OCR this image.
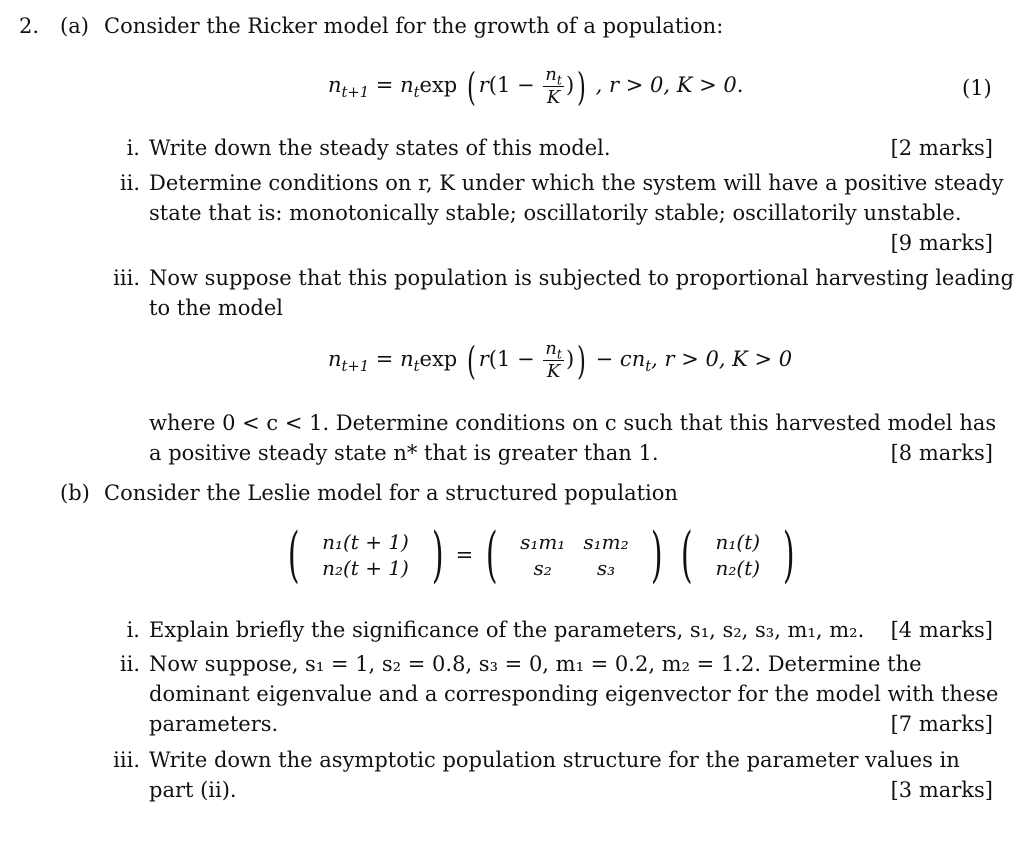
2. (a) Consider the Ricker model for the growth of a population:
$n_{t+1} = n_t\exp$ ( $r(1 - \frac{n_t}{K}$ )) , r > 0, K > 0.	(1)
i. Write down the steady states of this model.	[2 marks]
ii. Determine conditions on r, K under which the system will have a positive steady
state that is: monotonically stable; oscillatorily stable; oscillatorily unstable.
[9 marks]
iii. Now suppose that this population is subjected to proportional harvesting leading
to the model
$n_{t+1} = n_t\exp$ ( $r(1 - \frac{n_t}{K}$ )) − $cn_t$, r > 0, K > 0
where 0 < c < 1. Determine conditions on c such that this harvested model has
a positive steady state n* that is greater than 1.	[8 marks]
(b) Consider the Leslie model for a structured population
( n₁(t + 1)
n₂(t + 1) ) = ( s₁m₁	s₁m₂
s₂	s₃ ) ( n₁(t)
n₂(t) )
i. Explain briefly the significance of the parameters, s₁, s₂, s₃, m₁, m₂. [4 marks]
ii. Now suppose, s₁ = 1, s₂ = 0.8, s₃ = 0, m₁ = 0.2, m₂ = 1.2. Determine the
dominant eigenvalue and a corresponding eigenvector for the model with these
parameters.	[7 marks]
iii. Write down the asymptotic population structure for the parameter values in
part (ii).	[3 marks]
